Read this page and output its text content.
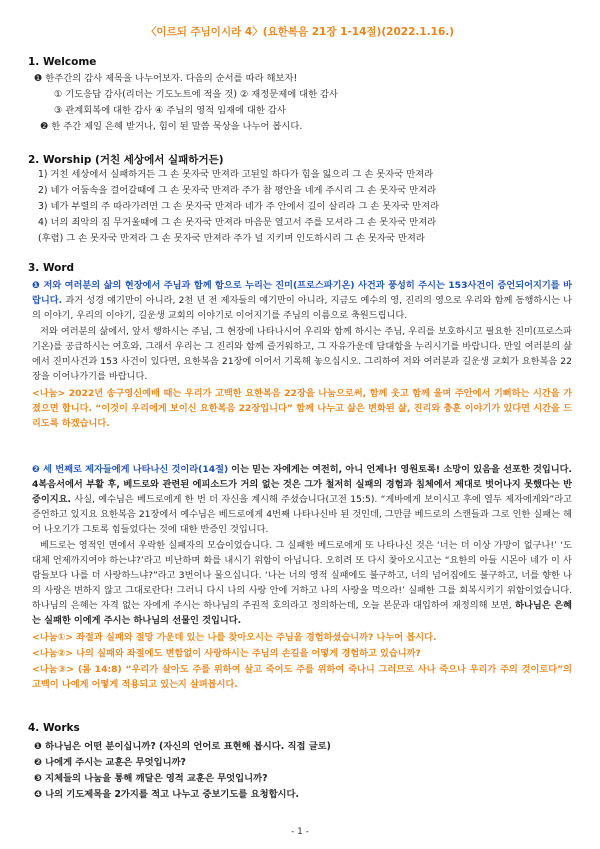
〈이르되 주님이시라 4〉(요한복음 21장 1-14절)(2022.1.16.)
1. Welcome
❶ 한주간의 감사 제목을 나누어보자. 다음의 순서를 따라 해보자!
① 기도응답 감사(리더는 기도노트에 적을 것) ② 재정문제에 대한 감사
③ 관계회복에 대한 감사 ④ 주님의 영적 임재에 대한 감사
❷ 한 주간 제일 은혜 받거나, 힘이 된 말씀 묵상을 나누어 봅시다.
2. Worship (거친 세상에서 실패하거든)
1) 거친 세상에서 실패하거든 그 손 못자국 만져라 고된일 하다가 힘을 잃으리 그 손 못자국 만져라
2) 네가 어둠속을 걸어갈때에 그 손 못자국 만져라 주가 참 평안을 네게 주시리 그 손 못자국 만져라
3) 네가 부렬의 주 따라가려면 그 손 못자국 만져라 네가 주 안에서 길이 살리라 그 손 못자국 만져라
4) 너의 죄악의 짐 무거울때에 그 손 못자국 만져라 마음문 열고서 주를 모셔라 그 손 못자국 만져라
(후렴) 그 손 못자국 만져라 그 손 못자국 만져라 주가 널 지키며 인도하시리 그 손 못자국 만져라
3. Word
❶ 저와 여러분의 삶의 현장에서 주님과 함께 함으로 누리는 진미(프로스파기온) 사건과 풍성히 주시는 153사건이 증언되어지기를 바랍니다. 과거 성경 얘기만이 아니라, 2천 년 전 제자들의 얘기만이 아니라, 지금도 예수의 영, 진리의 영으로 우리와 함께 동행하시는 나의 이야기, 우리의 이야기, 길운생 교회의 이야기로 이어지기를 주님의 이름으로 축원드립니다.
저와 여러분의 삶에서, 앞서 행하시는 주님, 그 현장에 나타나시어 우리와 함께 하시는 주님, 우리를 보호하시고 필요한 진미(프로스파기온)를 공급하시는 여호와, 그래서 우리는 그 진리와 함께 즐거워하고, 그 자유가운데 담대함을 누리시기를 바랍니다. 만일 여러분의 삶에서 진미사건과 153 사건이 있다면, 요한복음 21장에 이어서 기록해 놓으십시오. 그리하여 저와 여러분과 길운생 교회가 요한복음 22장을 이어나가기를 바랍니다.
<나눔> 2022년 송구영신예배 때는 우리가 고백한 요한복음 22장을 나눔으로써, 함께 웃고 함께 울며 주안에서 기뻐하는 시간을 가졌으면 합니다. “이것이 우리에게 보이신 요한복음 22장입니다” 함께 나누고 삶은 변화된 삶, 진리와 충훈 이야기가 있다면 시간을 드리도록 하겠습니다.
❷ 세 번째로 제자들에게 나타나신 것이라(14절) 이는 믿는 자에게는 여전히, 아니 언제나! 영원토록! 소망이 있음을 선포한 것입니다. 4복음서에서 부활 후, 베드로와 관련된 에피소드가 거의 없는 것은 그가 철저히 실패의 경험과 침체에서 제대로 벗어나지 못했다는 반증이지요. 사실, 예수님은 베드로에게 한 번 더 자신을 계시해 주셨습니다(고전 15:5). “게바에게 보이시고 후에 열두 제자에게와”라고 증언하고 있지요 요한복음 21장에서 예수님은 베드로에게 4번째 나타나신바 된 것인데, 그만큼 베드로의 스캔들과 그로 인한 실패는 헤어 나오기가 그토록 힘들었다는 것에 대한 반증인 것입니다.
베드로는 영적인 면에서 우락한 실패자의 모습이었습니다. 그 실패한 베드로에게 또 나타나신 것은 ‘너는 더 이상 가망이 없구나!’ ‘도대체 언제까지여야 하는냐?’라고 비난하며 화를 내시기 위함이 아닙니다. 오히려 또 다시 찾아오시고는 “요한의 아들 시몬아 네가 이 사람들보다 나를 더 사랑하느냐?”라고 3번이나 물으십니다. ‘나는 너의 영적 실패에도 불구하고, 너의 넘어짐에도 불구하고, 너를 향한 나의 사랑은 변하지 않고 그대로란다! 그러니 다시 나의 사랑 안에 거하고 나의 사랑을 먹으라!’ 실패한 그를 회복시키기 위함이었습니다. 하나님의 은혜는 자격 없는 자에게 주시는 하나님의 주권적 호의라고 정의하는데, 오늘 본문과 대입하여 재정의해 보면, 하나님은 은혜는 실패한 이에게 주시는 하나님의 선물인 것입니다.
<나눔①> 좌절과 실패와 절망 가운데 있는 나를 찾아오시는 주님을 경험하셨습니까? 나누어 봅시다.
<나눔②> 나의 실패와 좌절에도 변함없이 사랑하시는 주님의 손길을 어떻게 경험하고 있습니까?
<나눔③> (롬 14:8) “우리가 살아도 주를 위하여 살고 죽어도 주를 위하여 죽나니 그러므로 사나 죽으나 우리가 주의 것이로다”의 고백이 나에게 어떻게 적용되고 있는지 살펴봅시다.
4. Works
❶ 하나님은 어떤 분이십니까? (자신의 언어로 표현해 봅시다. 직접 글로)
❷ 나에게 주시는 교훈은 무엇입니까?
❸ 지체들의 나눔을 통해 깨달은 영적 교훈은 무엇입니까?
❹ 나의 기도제목을 2가지를 적고 나누고 중보기도를 요청합시다.
- 1 -
